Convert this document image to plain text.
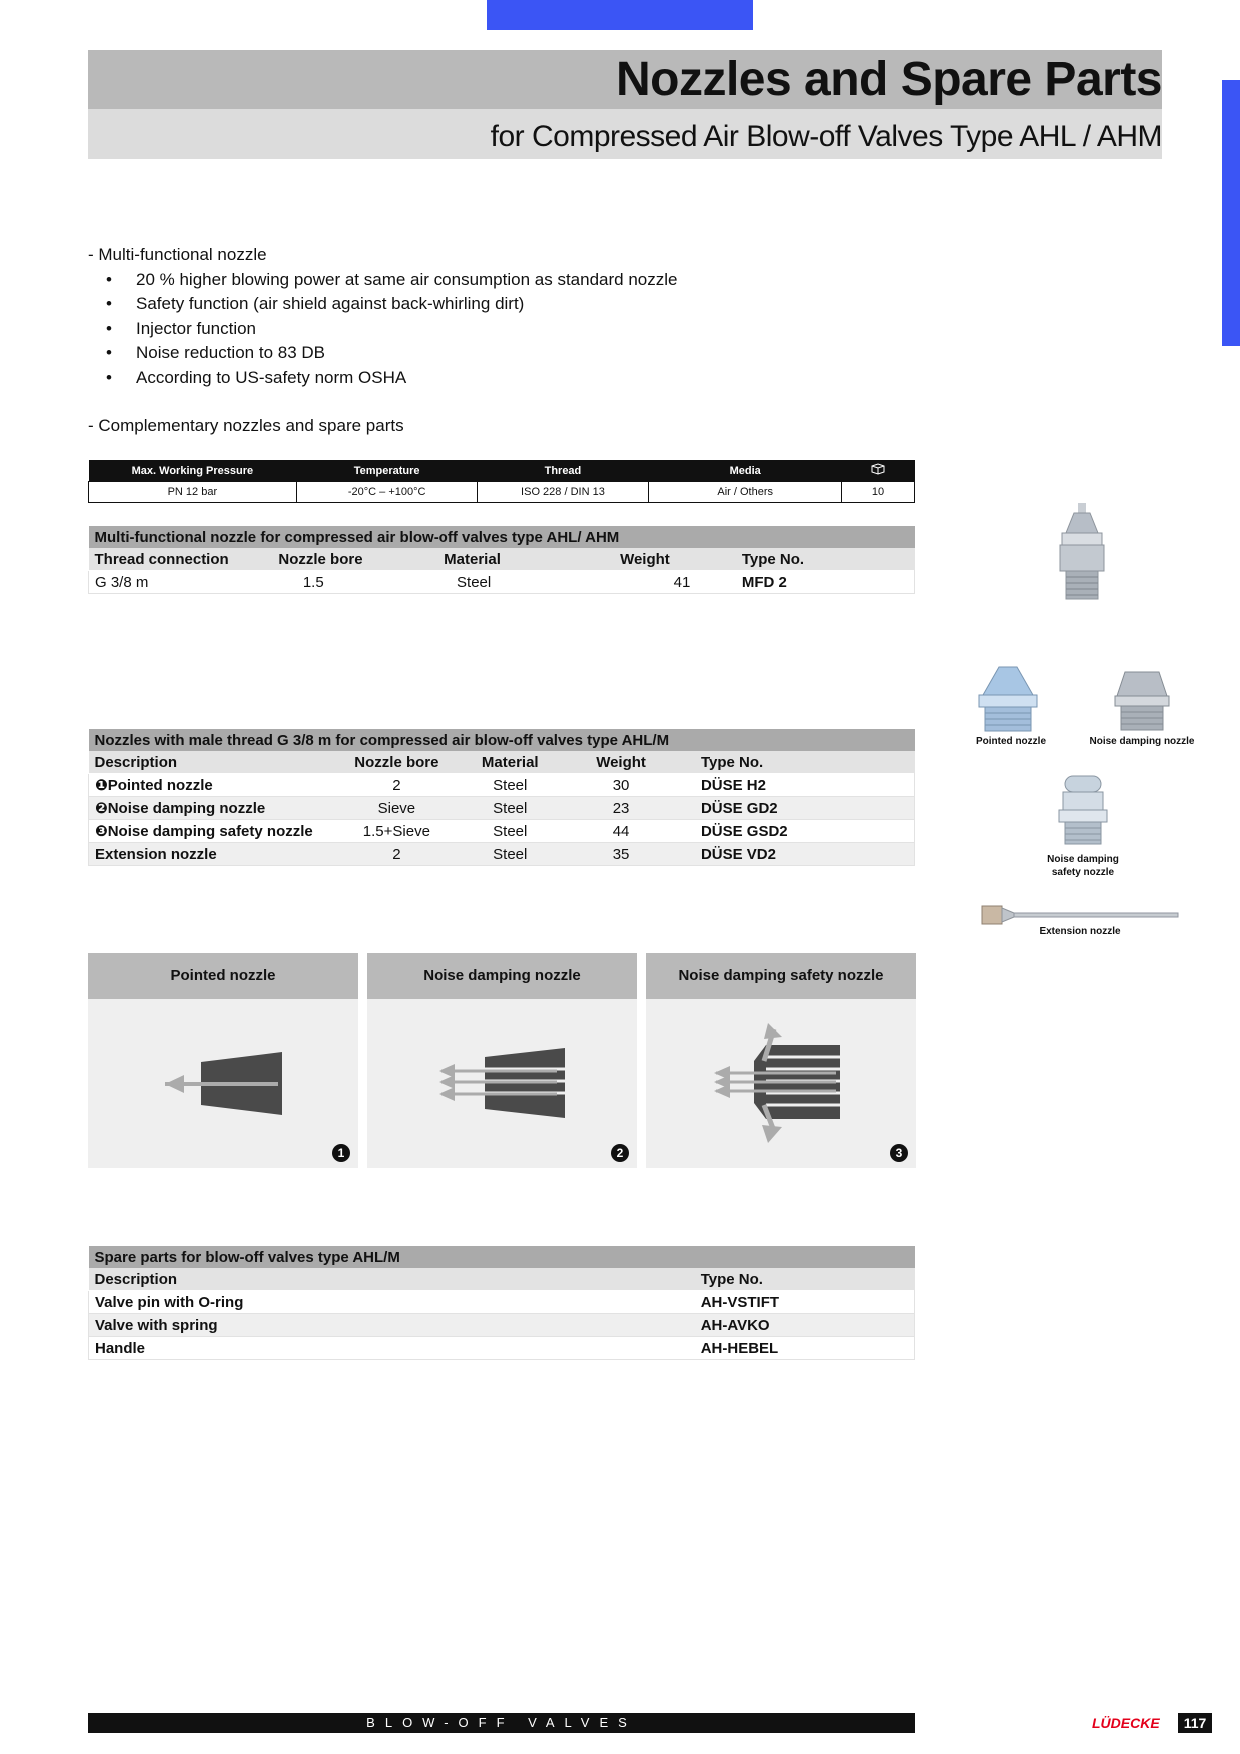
Nozzles and Spare Parts
for Compressed Air Blow-off Valves Type AHL / AHM

- Multi-functional nozzle

• 20 % higher blowing power at same air consumption as standard nozzle
• Safety function (air shield against back-whirling dirt)
• Injector function
• Noise reduction to 83 DB
• According to US-safety norm OSHA

- Complementary nozzles and spare parts

Max. Working Pressure	Temperature	Thread	Media	
PN 12 bar	-20°C – +100°C	ISO 228 / DIN 13	Air / Others	10
Multi-functional nozzle for compressed air blow-off valves type AHL/ AHM				
Thread connection	Nozzle bore	Material	Weight	Type No.
G 3/8 m	1.5	Steel	41	MFD 2
Pointed nozzle	Noise damping nozzle
Noise damping
safety nozzle
Extension nozzle
Nozzles with male thread G 3/8 m for compressed air blow-off valves type AHL/M				
Description	Nozzle bore	Material	Weight	Type No.
❶Pointed nozzle	2	Steel	30	DÜSE H2
❷Noise damping nozzle	Sieve	Steel	23	DÜSE GD2
❸Noise damping safety nozzle	1.5+Sieve	Steel	44	DÜSE GSD2
Extension nozzle	2	Steel	35	DÜSE VD2
Pointed nozzle
1
Noise damping nozzle
2
Noise damping safety nozzle
3
Spare parts for blow-off valves type AHL/M	
Description	Type No.
Valve pin with O-ring	AH-VSTIFT
Valve with spring	AH-AVKO
Handle	AH-HEBEL
BLOW-OFF VALVES	LÜDECKE	117
